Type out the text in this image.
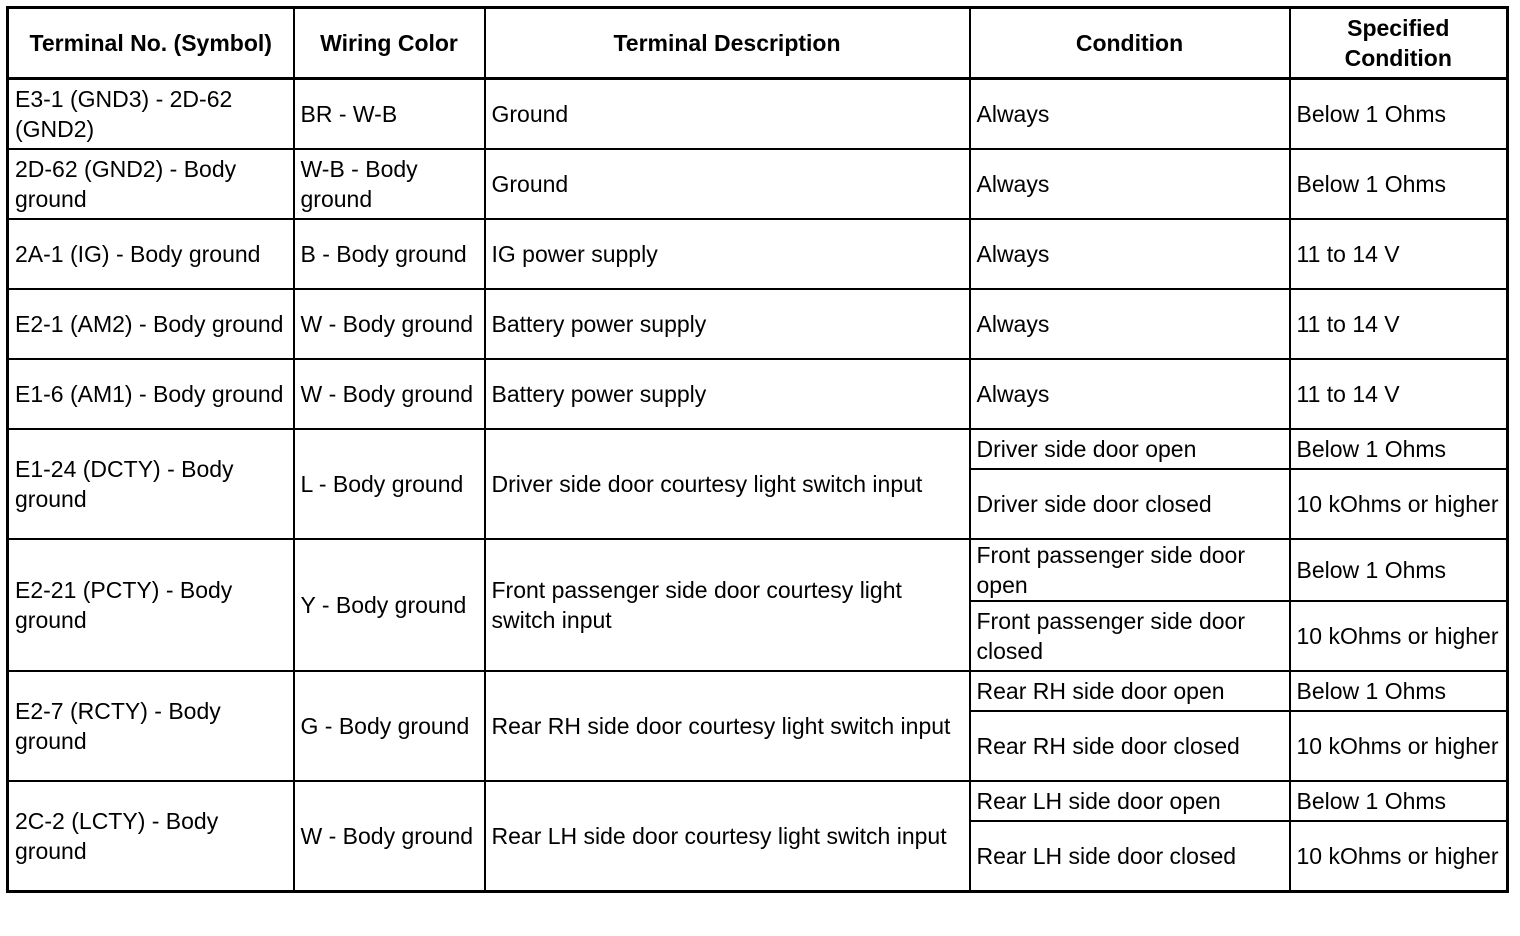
Terminal No. (Symbol)	Wiring Color	Terminal Description	Condition	Specified Condition
E3-1 (GND3) - 2D-62 (GND2)	BR - W-B	Ground	Always	Below 1 Ohms
2D-62 (GND2) - Body ground	W-B - Body ground	Ground	Always	Below 1 Ohms
2A-1 (IG) - Body ground	B - Body ground	IG power supply	Always	11 to 14 V
E2-1 (AM2) - Body ground	W - Body ground	Battery power supply	Always	11 to 14 V
E1-6 (AM1) - Body ground	W - Body ground	Battery power supply	Always	11 to 14 V
E1-24 (DCTY) - Body ground	L - Body ground	Driver side door courtesy light switch input	Driver side door open	Below 1 Ohms
			Driver side door closed	10 kOhms or higher
E2-21 (PCTY) - Body ground	Y - Body ground	Front passenger side door courtesy light switch input	Front passenger side door open	Below 1 Ohms
			Front passenger side door closed	10 kOhms or higher
E2-7 (RCTY) - Body ground	G - Body ground	Rear RH side door courtesy light switch input	Rear RH side door open	Below 1 Ohms
			Rear RH side door closed	10 kOhms or higher
2C-2 (LCTY) - Body ground	W - Body ground	Rear LH side door courtesy light switch input	Rear LH side door open	Below 1 Ohms
			Rear LH side door closed	10 kOhms or higher
